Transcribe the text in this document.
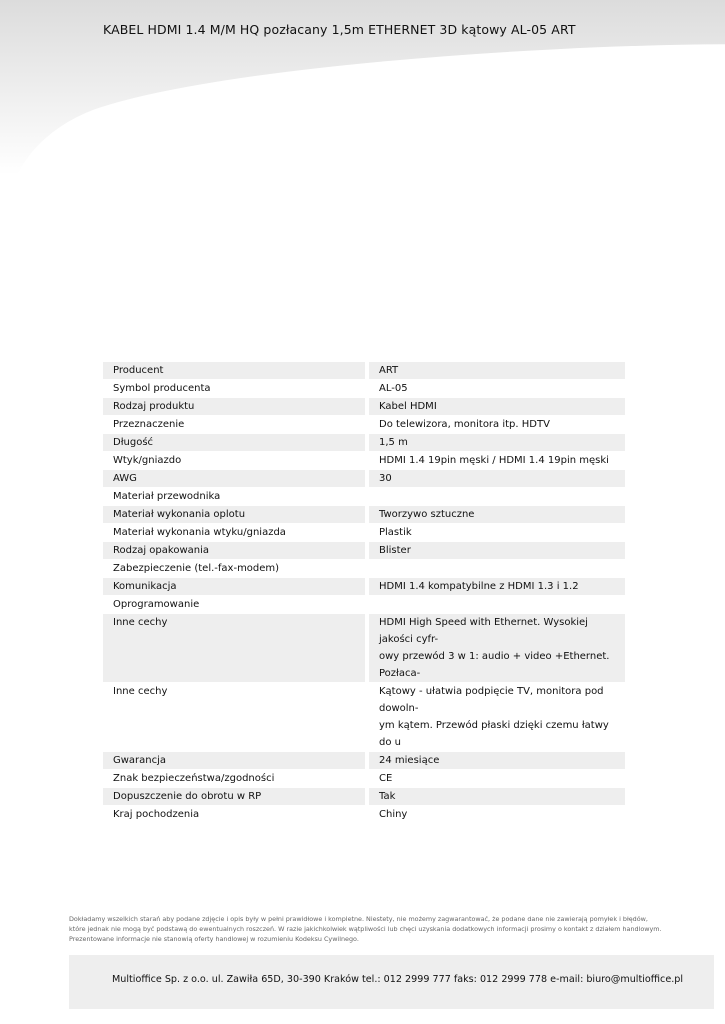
KABEL HDMI 1.4 M/M HQ pozłacany 1,5m ETHERNET 3D kątowy AL-05 ART
Producent	ART
Symbol producenta	AL-05
Rodzaj produktu	Kabel HDMI
Przeznaczenie	Do telewizora, monitora itp. HDTV
Długość	1,5 m
Wtyk/gniazdo	HDMI 1.4 19pin męski / HDMI 1.4 19pin męski
AWG	30
Materiał przewodnika	
Materiał wykonania oplotu	Tworzywo sztuczne
Materiał wykonania wtyku/gniazda	Plastik
Rodzaj opakowania	Blister
Zabezpieczenie (tel.-fax-modem)	
Komunikacja	HDMI 1.4 kompatybilne z HDMI 1.3 i 1.2
Oprogramowanie	
Inne cechy	HDMI High Speed with Ethernet. Wysokiej jakości cyfr-
owy przewód 3 w 1: audio + video +Ethernet. Pozłaca-

Inne cechy	Kątowy - ułatwia podpięcie TV, monitora pod dowoln-
ym kątem. Przewód płaski dzięki czemu łatwy do u

Gwarancja	24 miesiące
Znak bezpieczeństwa/zgodności	CE
Dopuszczenie do obrotu w RP	Tak
Kraj pochodzenia	Chiny
Dokładamy wszelkich starań aby podane zdjęcie i opis były w pełni prawidłowe i kompletne. Niestety, nie możemy zagwarantować, że podane dane nie zawierają pomyłek i błędów,
które jednak nie mogą być podstawą do ewentualnych roszczeń. W razie jakichkolwiek wątpliwości lub chęci uzyskania dodatkowych informacji prosimy o kontakt z działem handlowym.
Prezentowane informacje nie stanowią oferty handlowej w rozumieniu Kodeksu Cywilnego.
Multioffice Sp. z o.o. ul. Zawiła 65D, 30-390 Kraków tel.: 012 2999 777 faks: 012 2999 778 e-mail: biuro@multioffice.pl
